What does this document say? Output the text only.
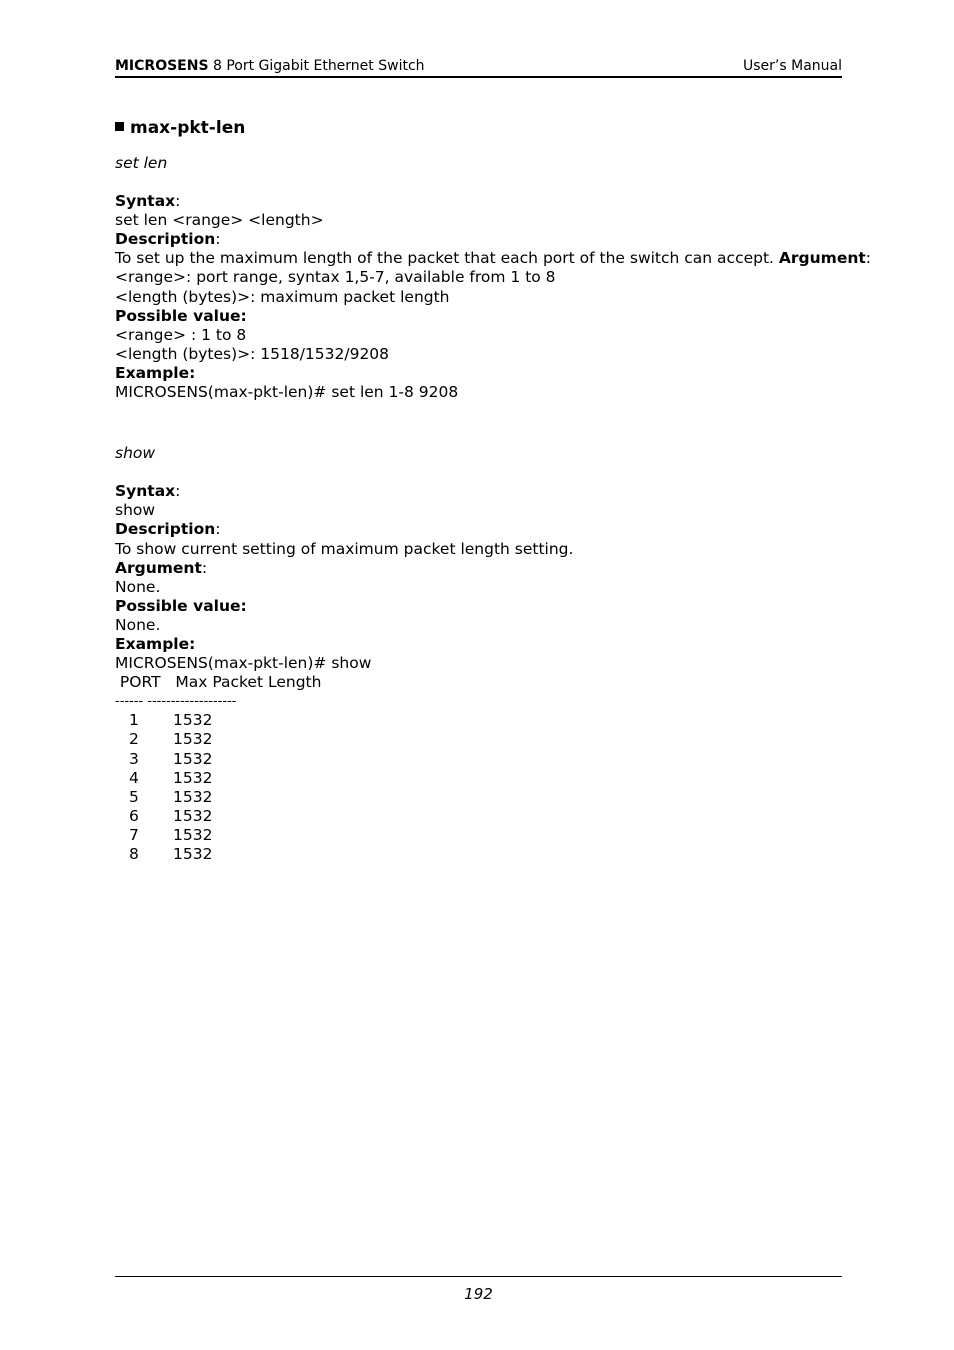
MICROSENS 8 Port Gigabit Ethernet Switch	User’s Manual

max-pkt-len

set len

Syntax:

set len <range> <length>

Description:

To set up the maximum length of the packet that each port of the switch can accept. Argument:

<range>: port range, syntax 1,5-7, available from 1 to 8

<length (bytes)>: maximum packet length

Possible value:

<range> : 1 to 8

<length (bytes)>: 1518/1532/9208

Example:

MICROSENS(max-pkt-len)# set len 1-8 9208

show

Syntax:

show

Description:

To show current setting of maximum packet length setting.

Argument:

None.

Possible value:

None.

Example:

MICROSENS(max-pkt-len)# show

PORT   Max Packet Length

------ -------------------

1 1532

2 1532

3 1532

4 1532

5 1532

6 1532

7 1532

8 1532

192
